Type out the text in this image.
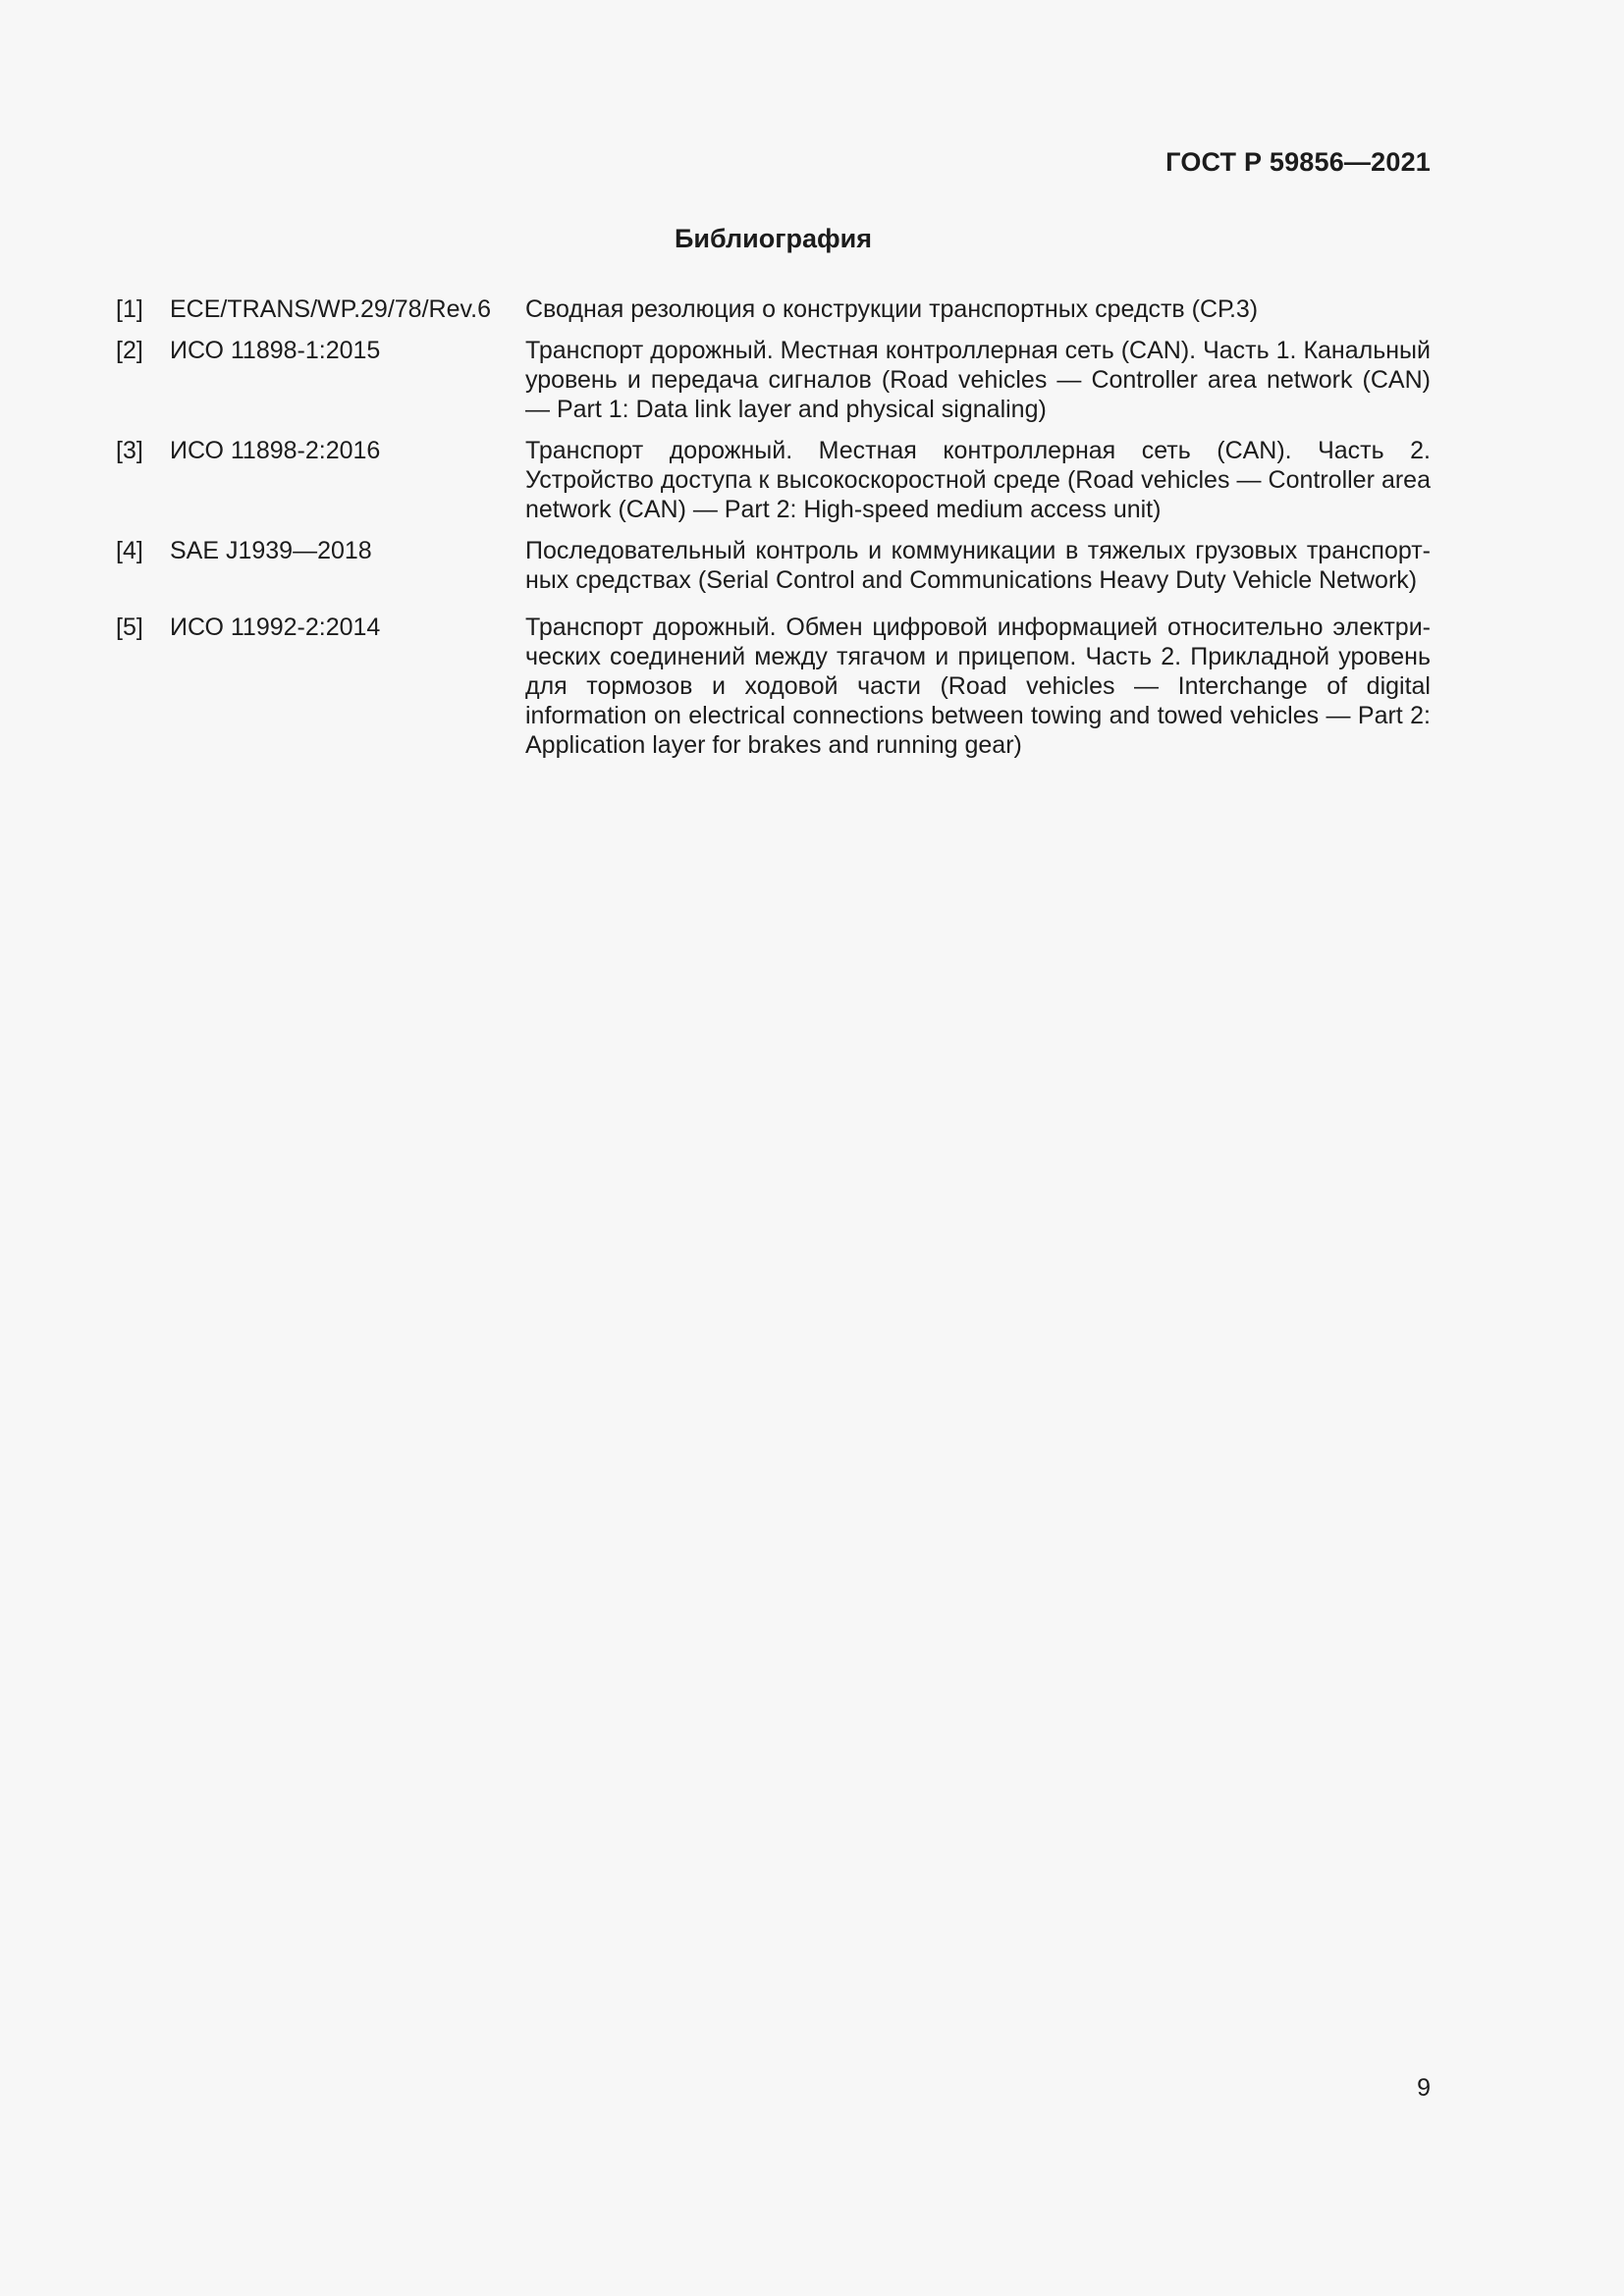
ГОСТ Р 59856—2021

Библиография
[1]	ECE/TRANS/WP.29/78/Rev.6	Сводная резолюция о конструкции транспортных средств (СР.3)
[2]	ИСО 11898-1:2015	Транспорт дорожный. Местная контроллерная сеть (CAN). Часть 1. Канальный уровень и передача сигналов (Road vehicles — Controller area network (CAN) — Part 1: Data link layer and physical signaling)
[3]	ИСО 11898-2:2016	Транспорт дорожный. Местная контроллерная сеть (CAN). Часть 2. Устройство доступа к высокоскоростной среде (Road vehicles — Controller area network (CAN) — Part 2: High-speed medium access unit)
[4]	SAE J1939—2018	Последовательный контроль и коммуникации в тяжелых грузовых транспортных средствах (Serial Control and Communications Heavy Duty Vehicle Network)
[5]	ИСО 11992-2:2014	Транспорт дорожный. Обмен цифровой информацией относительно электрических соединений между тягачом и прицепом. Часть 2. Прикладной уровень для тормозов и ходовой части (Road vehicles — Interchange of digital information on electrical connections between towing and towed vehicles — Part 2: Application layer for brakes and running gear)

9
